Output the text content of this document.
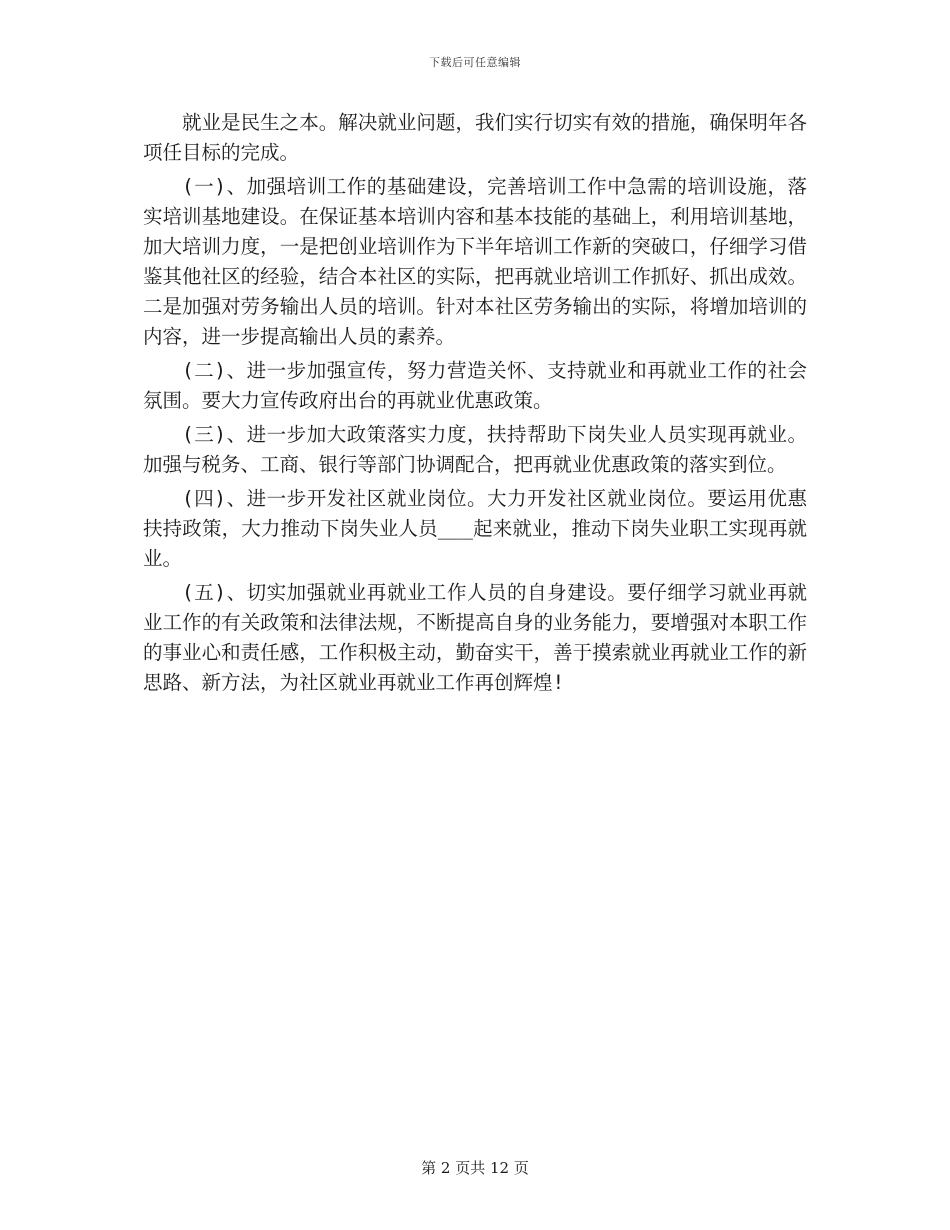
下载后可任意编辑

就业是民生之本。解决就业问题，我们实行切实有效的措施，确保明年各项任目标的完成。

(一)、加强培训工作的基础建设，完善培训工作中急需的培训设施，落实培训基地建设。在保证基本培训内容和基本技能的基础上，利用培训基地，加大培训力度，一是把创业培训作为下半年培训工作新的突破口，仔细学习借鉴其他社区的经验，结合本社区的实际，把再就业培训工作抓好、抓出成效。二是加强对劳务输出人员的培训。针对本社区劳务输出的实际，将增加培训的内容，进一步提高输出人员的素养。

(二)、进一步加强宣传，努力营造关怀、支持就业和再就业工作的社会氛围。要大力宣传政府出台的再就业优惠政策。

(三)、进一步加大政策落实力度，扶持帮助下岗失业人员实现再就业。加强与税务、工商、银行等部门协调配合，把再就业优惠政策的落实到位。

(四)、进一步开发社区就业岗位。大力开发社区就业岗位。要运用优惠扶持政策，大力推动下岗失业人员___起来就业，推动下岗失业职工实现再就业。

(五)、切实加强就业再就业工作人员的自身建设。要仔细学习就业再就业工作的有关政策和法律法规，不断提高自身的业务能力，要增强对本职工作的事业心和责任感，工作积极主动，勤奋实干，善于摸索就业再就业工作的新思路、新方法，为社区就业再就业工作再创辉煌!

第 2 页共 12 页
